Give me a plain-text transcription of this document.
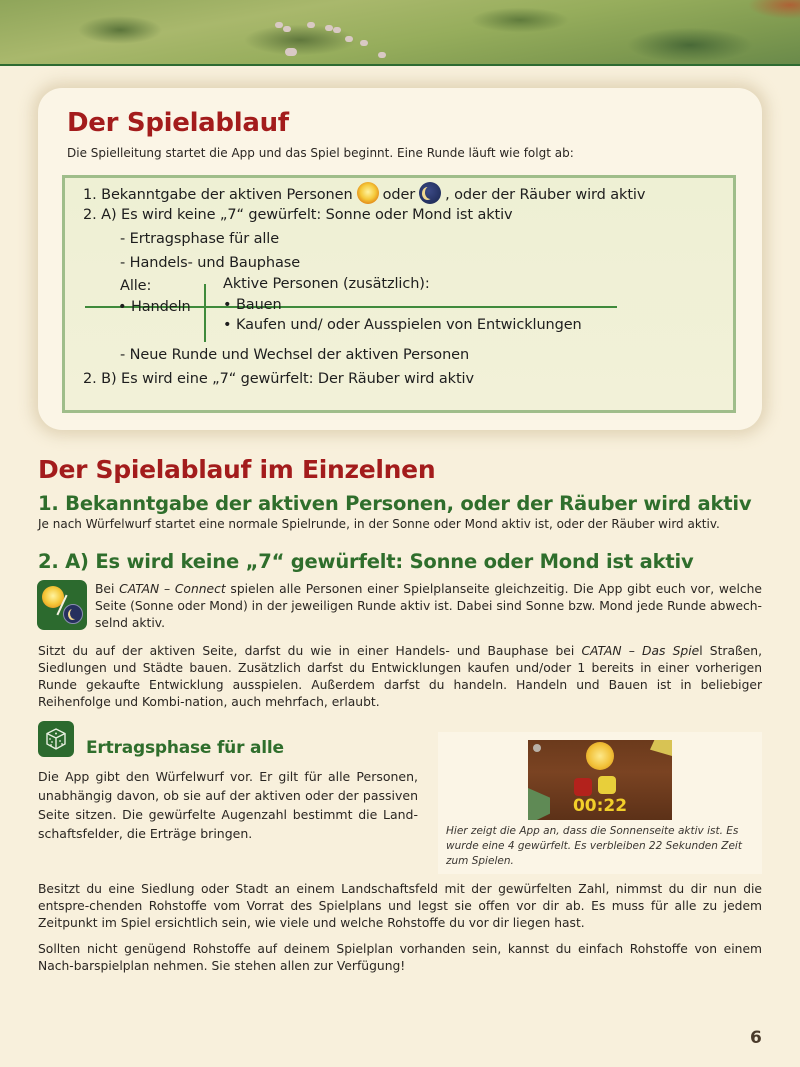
Der Spielablauf
Die Spielleitung startet die App und das Spiel beginnt. Eine Runde läuft wie folgt ab:
1. Bekanntgabe der aktiven Personen oder , oder der Räuber wird aktiv
2. A) Es wird keine „7“ gewürfelt: Sonne oder Mond ist aktiv
- Ertragsphase für alle
- Handels- und Bauphase
Alle:	Aktive Personen (zusätzlich):
• Handeln • Bauen
• Kaufen und/ oder Ausspielen von Entwicklungen
- Neue Runde und Wechsel der aktiven Personen
2. B) Es wird eine „7“ gewürfelt: Der Räuber wird aktiv
Der Spielablauf im Einzelnen
1. Bekanntgabe der aktiven Personen, oder der Räuber wird aktiv
Je nach Würfelwurf startet eine normale Spielrunde, in der Sonne oder Mond aktiv ist, oder der Räuber wird aktiv.
2. A) Es wird keine „7“ gewürfelt: Sonne oder Mond ist aktiv
Bei CATAN – Connect spielen alle Personen einer Spielplanseite gleichzeitig. Die App gibt euch vor, welche Seite (Sonne oder Mond) in der jeweiligen Runde aktiv ist. Dabei sind Sonne bzw. Mond jede Runde abwech-selnd aktiv.
Sitzt du auf der aktiven Seite, darfst du wie in einer Handels- und Bauphase bei CATAN – Das Spiel Straßen, Siedlungen und Städte bauen. Zusätzlich darfst du Entwicklungen kaufen und/oder 1 bereits in einer vorherigen Runde gekaufte Entwicklung ausspielen. Außerdem darfst du handeln. Handeln und Bauen ist in beliebiger Reihenfolge und Kombi-nation, auch mehrfach, erlaubt.
Ertragsphase für alle
Die App gibt den Würfelwurf vor. Er gilt für alle Personen, unabhängig davon, ob sie auf der aktiven oder der passiven Seite sitzen. Die gewürfelte Augenzahl bestimmt die Land-schaftsfelder, die Erträge bringen.
00:22
Hier zeigt die App an, dass die Sonnenseite aktiv ist. Es wurde eine 4 gewürfelt. Es verbleiben 22 Sekunden Zeit zum Spielen.
Besitzt du eine Siedlung oder Stadt an einem Landschaftsfeld mit der gewürfelten Zahl, nimmst du dir nun die entspre-chenden Rohstoffe vom Vorrat des Spielplans und legst sie offen vor dir ab. Es muss für alle zu jedem Zeitpunkt im Spiel ersichtlich sein, wie viele und welche Rohstoffe du vor dir liegen hast.
Sollten nicht genügend Rohstoffe auf deinem Spielplan vorhanden sein, kannst du einfach Rohstoffe von einem Nach-barspielplan nehmen. Sie stehen allen zur Verfügung!
6
